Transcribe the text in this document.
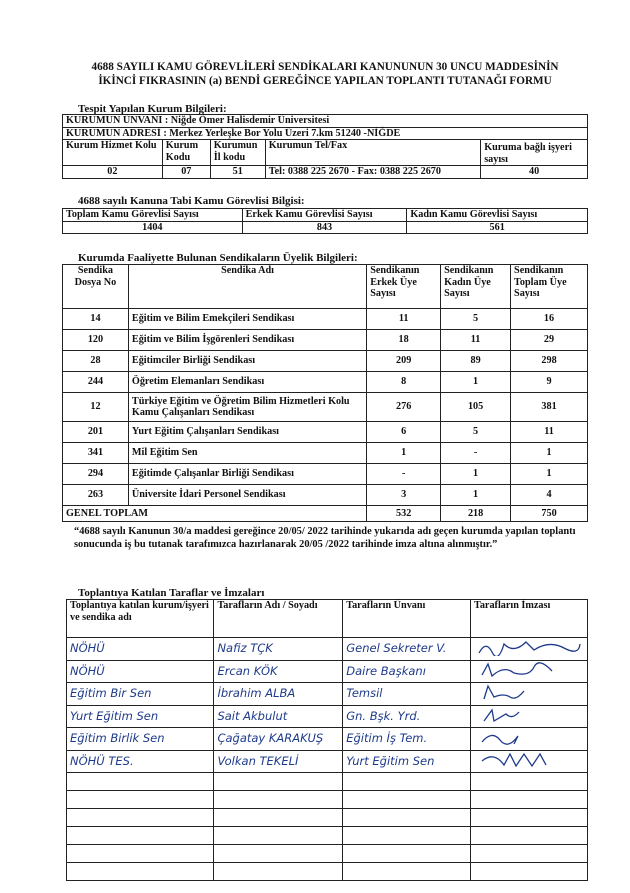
4688 SAYILI KAMU GÖREVLİLERİ SENDİKALARI KANUNUNUN 30 UNCU MADDESİNİN
İKİNCİ FIKRASININ (a) BENDİ GEREĞİNCE YAPILAN TOPLANTI TUTANAĞI FORMU
Tespit Yapılan Kurum Bilgileri:
KURUMUN ÜNVANI : Niğde Ömer Halisdemir Üniversitesi				
KURUMUN ADRESİ : Merkez Yerleşke Bor Yolu Üzeri 7.km 51240 -NİĞDE				
Kurum Hizmet Kolu	Kurum Kodu	Kurumun İl kodu	Kurumun Tel/Fax	Kuruma bağlı işyeri sayısı
02	07	51	Tel: 0388 225 2670 - Fax: 0388 225 2670	40
4688 sayılı Kanuna Tabi Kamu Görevlisi Bilgisi:
Toplam Kamu Görevlisi Sayısı	Erkek Kamu Görevlisi Sayısı	Kadın Kamu Görevlisi Sayısı
1404	843	561
Kurumda Faaliyette Bulunan Sendikaların Üyelik Bilgileri:
Sendika Dosya No	Sendika Adı	Sendikanın Erkek Üye Sayısı	Sendikanın Kadın Üye Sayısı	Sendikanın Toplam Üye Sayısı
14	Eğitim ve Bilim Emekçileri Sendikası	11	5	16
120	Eğitim ve Bilim İşgörenleri Sendikası	18	11	29
28	Eğitimciler Birliği Sendikası	209	89	298
244	Öğretim Elemanları Sendikası	8	1	9
12	Türkiye Eğitim ve Öğretim Bilim Hizmetleri Kolu Kamu Çalışanları Sendikası	276	105	381
201	Yurt Eğitim Çalışanları Sendikası	6	5	11
341	Mil Eğitim Sen	1	-	1
294	Eğitimde Çalışanlar Birliği Sendikası	-	1	1
263	Üniversite İdari Personel Sendikası	3	1	4
GENEL TOPLAM		532	218	750
“4688 sayılı Kanunun 30/a maddesi gereğince 20/05/ 2022 tarihinde yukarıda adı geçen kurumda yapılan toplantı sonucunda iş bu tutanak tarafımızca hazırlanarak 20/05 /2022 tarihinde imza altına alınmıştır.”
Toplantıya Katılan Taraflar ve İmzaları
Toplantıya katılan kurum/işyeri ve sendika adı	Tarafların Adı / Soyadı	Tarafların Ünvanı	Tarafların İmzası
NÖHÜ	Nafiz TÇK	Genel Sekreter V.	
NÖHÜ	Ercan KÖK	Daire Başkanı	
Eğitim Bir Sen	İbrahim ALBA	Temsil	
Yurt Eğitim Sen	Sait Akbulut	Gn. Bşk. Yrd.	
Eğitim Birlik Sen	Çağatay KARAKUŞ	Eğitim İş Tem.	
NÖHÜ TES.	Volkan TEKELİ	Yurt Eğitim Sen	
